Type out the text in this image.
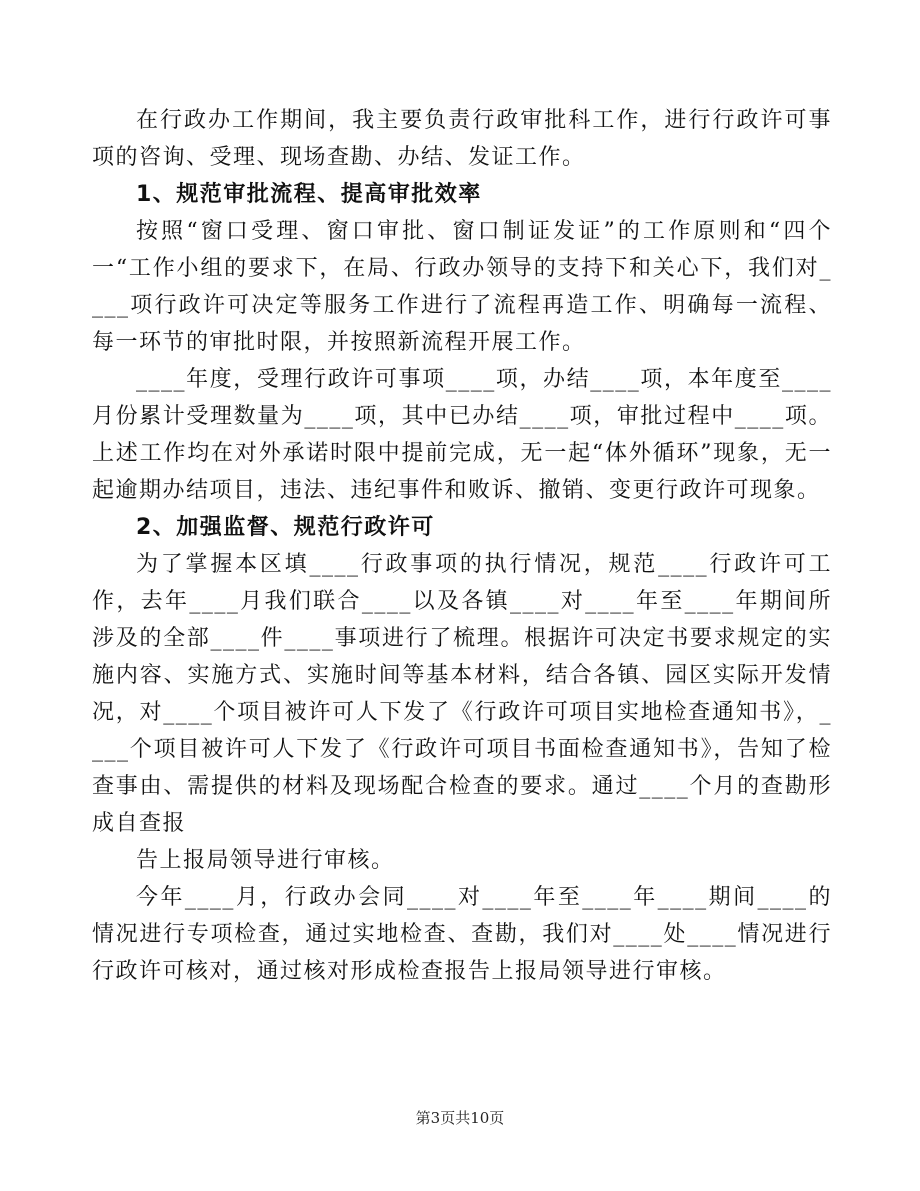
在行政办工作期间，我主要负责行政审批科工作，进行行政许可事项的咨询、受理、现场查勘、办结、发证工作。

1、规范审批流程、提高审批效率

按照“窗口受理、窗口审批、窗口制证发证”的工作原则和“四个一“工作小组的要求下，在局、行政办领导的支持下和关心下，我们对____项行政许可决定等服务工作进行了流程再造工作、明确每一流程、每一环节的审批时限，并按照新流程开展工作。

____年度，受理行政许可事项____项，办结____项，本年度至____月份累计受理数量为____项，其中已办结____项，审批过程中____项。上述工作均在对外承诺时限中提前完成，无一起“体外循环”现象，无一起逾期办结项目，违法、违纪事件和败诉、撤销、变更行政许可现象。

2、加强监督、规范行政许可

为了掌握本区填____行政事项的执行情况，规范____行政许可工作，去年____月我们联合____以及各镇____对____年至____年期间所涉及的全部____件____事项进行了梳理。根据许可决定书要求规定的实施内容、实施方式、实施时间等基本材料，结合各镇、园区实际开发情况，对____个项目被许可人下发了《行政许可项目实地检查通知书》，____个项目被许可人下发了《行政许可项目书面检查通知书》，告知了检查事由、需提供的材料及现场配合检查的要求。通过____个月的查勘形成自查报

告上报局领导进行审核。

今年____月，行政办会同____对____年至____年____期间____的情况进行专项检查，通过实地检查、查勘，我们对____处____情况进行行政许可核对，通过核对形成检查报告上报局领导进行审核。

第3页共10页
